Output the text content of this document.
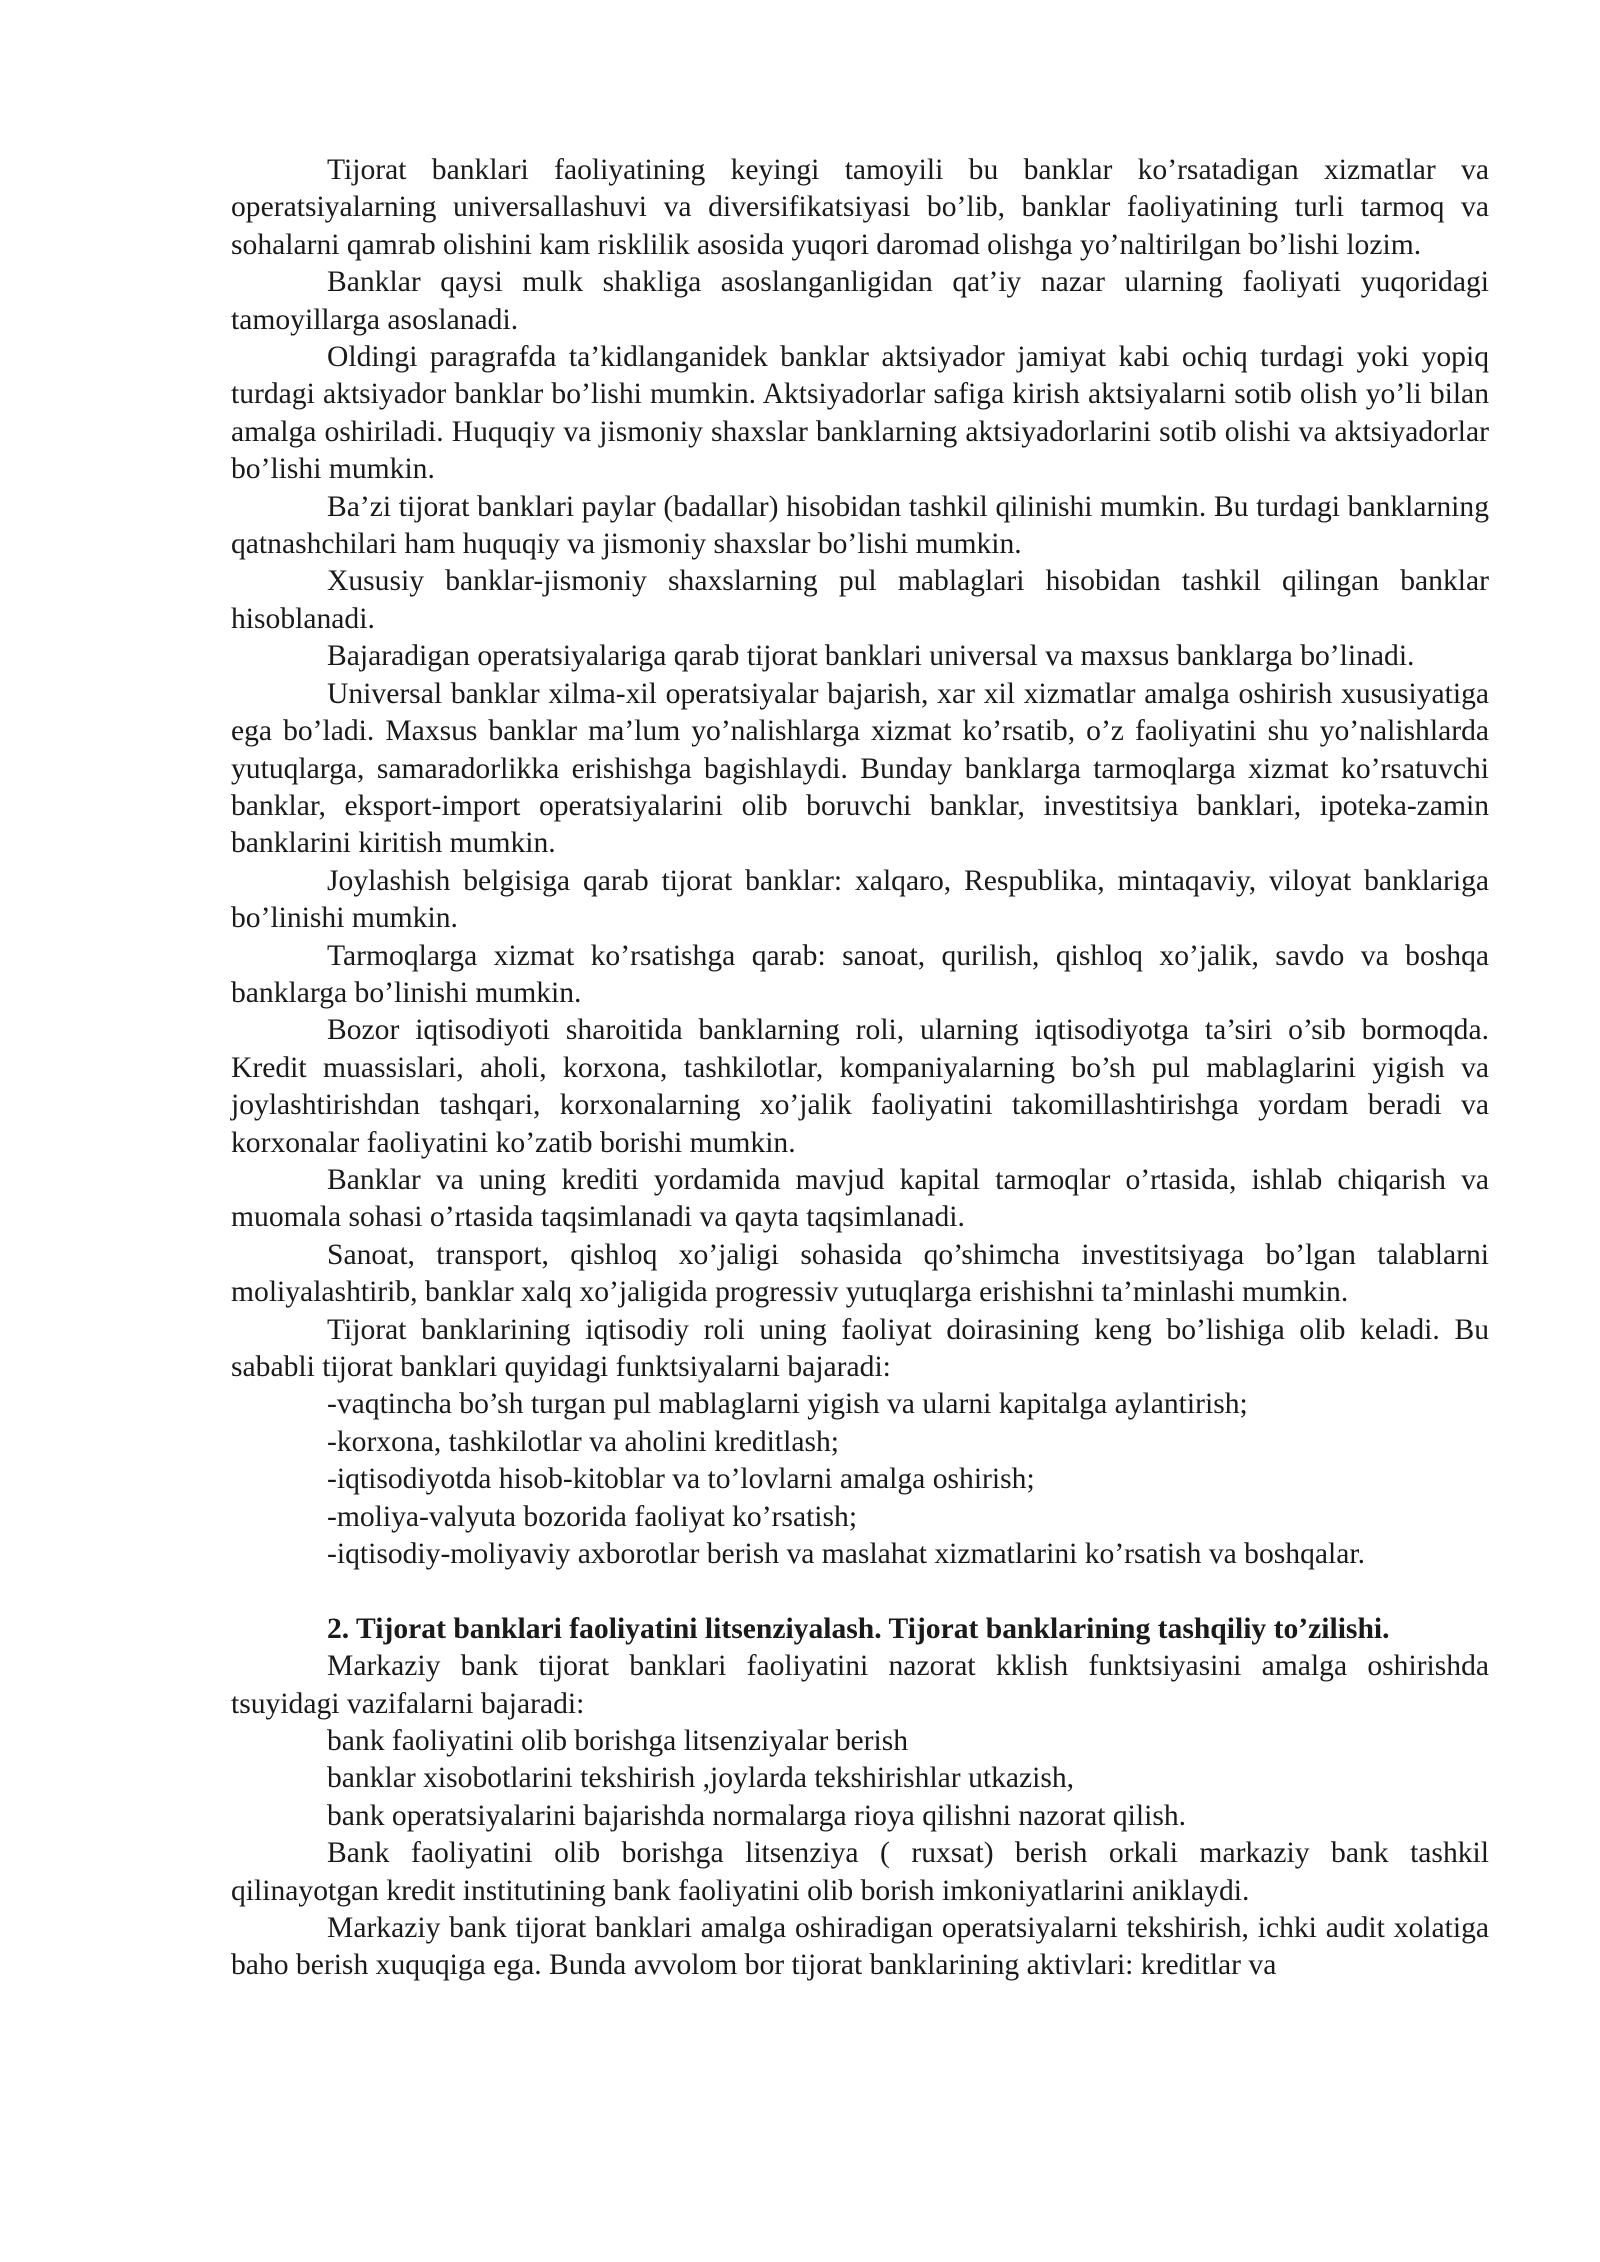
Tijorat banklari faoliyatining keyingi tamoyili bu banklar ko’rsatadigan xizmatlar va operatsiyalarning universallashuvi va diversifikatsiyasi bo’lib, banklar faoliyatining turli tarmoq va sohalarni qamrab olishini kam risklilik asosida yuqori daromad olishga yo’naltirilgan bo’lishi lozim.

Banklar qaysi mulk shakliga asoslanganligidan qat’iy nazar ularning faoliyati yuqoridagi tamoyillarga asoslanadi.

Oldingi paragrafda ta’kidlanganidek banklar aktsiyador jamiyat kabi ochiq turdagi yoki yopiq turdagi aktsiyador banklar bo’lishi mumkin. Aktsiyadorlar safiga kirish aktsiyalarni sotib olish yo’li bilan amalga oshiriladi. Huquqiy va jismoniy shaxslar banklarning aktsiyadorlarini sotib olishi va aktsiyadorlar bo’lishi mumkin.

Ba’zi tijorat banklari paylar (badallar) hisobidan tashkil qilinishi mumkin. Bu turdagi banklarning qatnashchilari ham huquqiy va jismoniy shaxslar bo’lishi mumkin.

Xususiy banklar-jismoniy shaxslarning pul mablaglari hisobidan tashkil qilingan banklar hisoblanadi.

Bajaradigan operatsiyalariga qarab tijorat banklari universal va maxsus banklarga bo’linadi.

Universal banklar xilma-xil operatsiyalar bajarish, xar xil xizmatlar amalga oshirish xususiyatiga ega bo’ladi. Maxsus banklar ma’lum yo’nalishlarga xizmat ko’rsatib, o’z faoliyatini shu yo’nalishlarda yutuqlarga, samaradorlikka erishishga bagishlaydi. Bunday banklarga tarmoqlarga xizmat ko’rsatuvchi banklar, eksport-import operatsiyalarini olib boruvchi banklar, investitsiya banklari, ipoteka-zamin banklarini kiritish mumkin.

Joylashish belgisiga qarab tijorat banklar: xalqaro, Respublika, mintaqaviy, viloyat banklariga bo’linishi mumkin.

Tarmoqlarga xizmat ko’rsatishga qarab: sanoat, qurilish, qishloq xo’jalik, savdo va boshqa banklarga bo’linishi mumkin.

Bozor iqtisodiyoti sharoitida banklarning roli, ularning iqtisodiyotga ta’siri o’sib bormoqda. Kredit muassislari, aholi, korxona, tashkilotlar, kompaniyalarning bo’sh pul mablaglarini yigish va joylashtirishdan tashqari, korxonalarning xo’jalik faoliyatini takomillashtirishga yordam beradi va korxonalar faoliyatini ko’zatib borishi mumkin.

Banklar va uning krediti yordamida mavjud kapital tarmoqlar o’rtasida, ishlab chiqarish va muomala sohasi o’rtasida taqsimlanadi va qayta taqsimlanadi.

Sanoat, transport, qishloq xo’jaligi sohasida qo’shimcha investitsiyaga bo’lgan talablarni moliyalashtirib, banklar xalq xo’jaligida progressiv yutuqlarga erishishni ta’minlashi mumkin.

Tijorat banklarining iqtisodiy roli uning faoliyat doirasining keng bo’lishiga olib keladi. Bu sababli tijorat banklari quyidagi funktsiyalarni bajaradi:

-vaqtincha bo’sh turgan pul mablaglarni yigish va ularni kapitalga aylantirish;

-korxona, tashkilotlar va aholini kreditlash;

-iqtisodiyotda hisob-kitoblar va to’lovlarni amalga oshirish;

-moliya-valyuta bozorida faoliyat ko’rsatish;

-iqtisodiy-moliyaviy axborotlar berish va maslahat xizmatlarini ko’rsatish va boshqalar.

2. Tijorat banklari faoliyatini litsenziyalash. Tijorat banklarining tashqiliy to’zilishi.

Markaziy bank tijorat banklari faoliyatini nazorat kklish funktsiyasini amalga oshirishda tsuyidagi vazifalarni bajaradi:

bank faoliyatini olib borishga litsenziyalar berish

banklar xisobotlarini tekshirish ,joylarda tekshirishlar utkazish,

bank operatsiyalarini bajarishda normalarga rioya qilishni nazorat qilish.

Bank faoliyatini olib borishga litsenziya ( ruxsat) berish orkali markaziy bank tashkil qilinayotgan kredit institutining bank faoliyatini olib borish imkoniyatlarini aniklaydi.

Markaziy bank tijorat banklari amalga oshiradigan operatsiyalarni tekshirish, ichki audit xolatiga baho berish xuquqiga ega. Bunda avvolom bor tijorat banklarining aktivlari: kreditlar va
